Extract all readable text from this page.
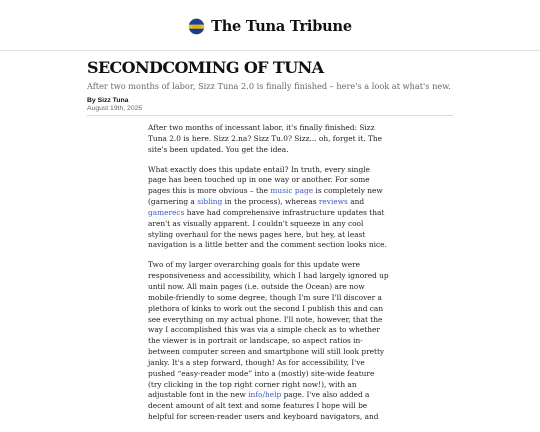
The Tuna Tribune
SECONDCOMING OF TUNA

After two months of labor, Sizz Tuna 2.0 is finally finished – here's a look at what's new.

By Sizz Tuna
August 19th, 2025

After two months of incessant labor, it's finally finished: Sizz
Tuna 2.0 is here. Sizz 2.na? Sizz Tu.0? Sizz... oh, forget it. The
site's been updated. You get the idea.

What exactly does this update entail? In truth, every single
page has been touched up in one way or another. For some
pages this is more obvious – the music page is completely new
(garnering a sibling in the process), whereas reviews and
gamerecs have had comprehensive infrastructure updates that
aren't as visually apparent. I couldn't squeeze in any cool
styling overhaul for the news pages here, but hey, at least
navigation is a little better and the comment section looks nice.

Two of my larger overarching goals for this update were
responsiveness and accessibility, which I had largely ignored up
until now. All main pages (i.e. outside the Ocean) are now
mobile-friendly to some degree, though I'm sure I'll discover a
plethora of kinks to work out the second I publish this and can
see everything on my actual phone. I'll note, however, that the
way I accomplished this was via a simple check as to whether
the viewer is in portrait or landscape, so aspect ratios in-
between computer screen and smartphone will still look pretty
janky. It's a step forward, though! As for accessibility, I've
pushed “easy-reader mode” into a (mostly) site-wide feature
(try clicking in the top right corner right now!), with an
adjustable font in the new info/help page. I've also added a
decent amount of alt text and some features I hope will be
helpful for screen-reader users and keyboard navigators, and
